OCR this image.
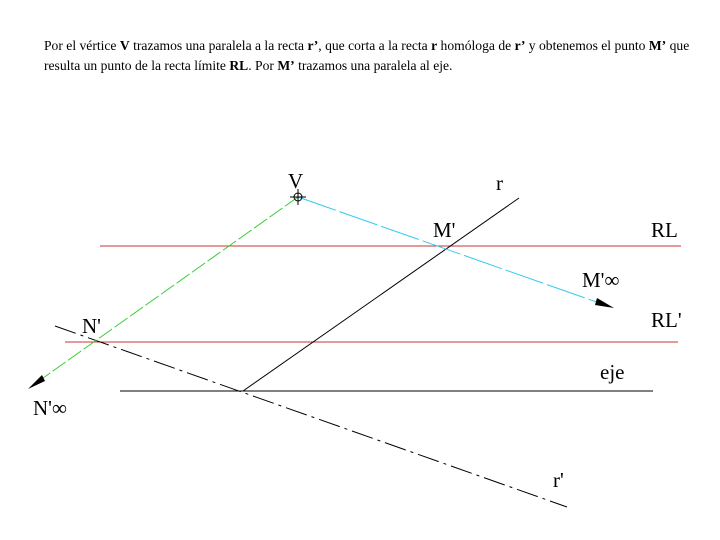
Por el vértice V trazamos una paralela a la recta r’, que corta a la recta r homóloga de r’ y obtenemos el punto M’ que resulta un punto de la recta límite RL. Por M’ trazamos una paralela al eje.
V	r
M'	RL
M'∞
RL'
N'
eje
N'∞
r'
